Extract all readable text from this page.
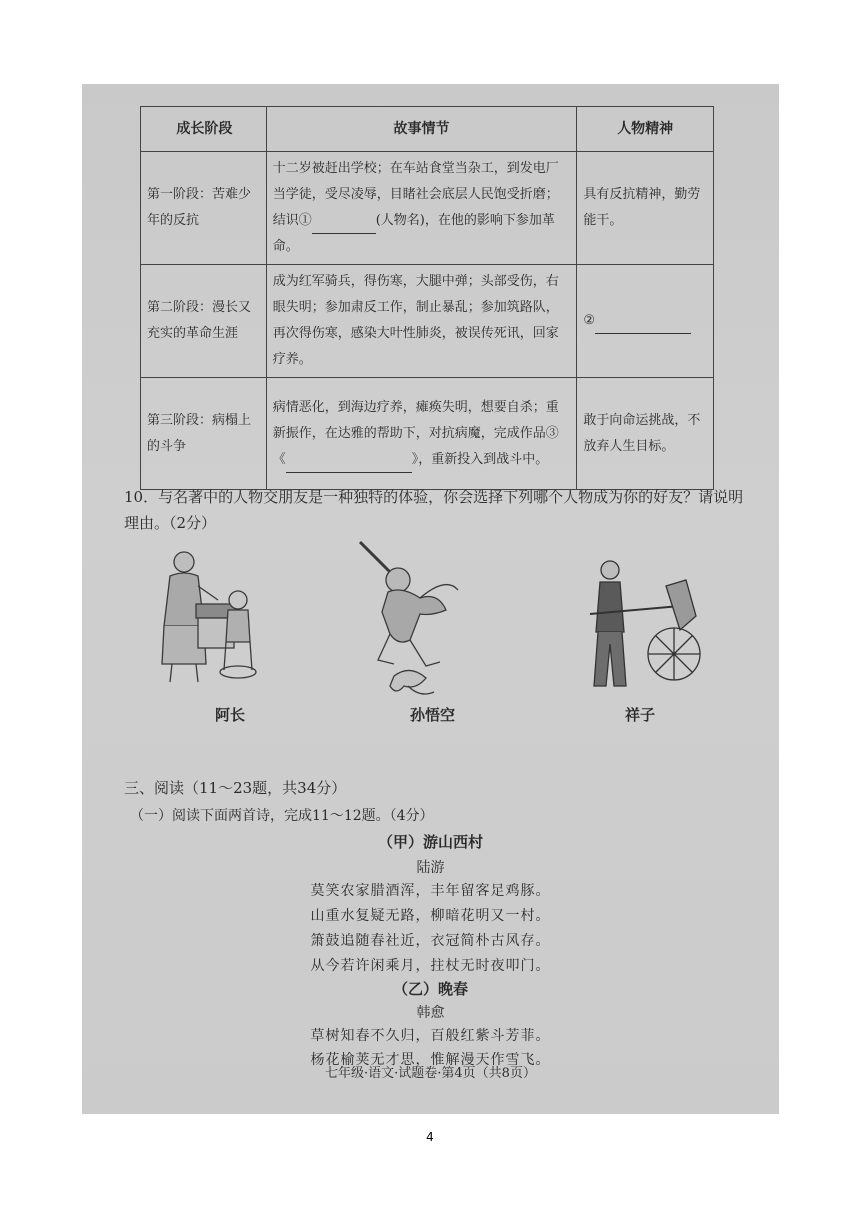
成长阶段	故事情节	人物精神
第一阶段：苦难少年的反抗	十二岁被赶出学校；在车站食堂当杂工，到发电厂当学徒，受尽凌辱，目睹社会底层人民饱受折磨；结识① (人物名)，在他的影响下参加革命。	具有反抗精神，勤劳能干。
第二阶段：漫长又充实的革命生涯	成为红军骑兵，得伤寒，大腿中弹；头部受伤，右眼失明；参加肃反工作，制止暴乱；参加筑路队，再次得伤寒，感染大叶性肺炎，被误传死讯，回家疗养。	②
第三阶段：病榻上的斗争	病情恶化，到海边疗养，瘫痪失明，想要自杀；重新振作，在达雅的帮助下，对抗病魔，完成作品③《 》，重新投入到战斗中。	敢于向命运挑战，不放弃人生目标。
10．与名著中的人物交朋友是一种独特的体验，你会选择下列哪个人物成为你的好友？请说明理由。（2分）
阿长	孙悟空	祥子
三、阅读（11～23题，共34分）
（一）阅读下面两首诗，完成11～12题。（4分）
（甲）游山西村
陆游
莫笑农家腊酒浑，丰年留客足鸡豚。
山重水复疑无路，柳暗花明又一村。
箫鼓追随春社近，衣冠简朴古风存。
从今若许闲乘月，拄杖无时夜叩门。
（乙）晚春
韩愈
草树知春不久归，百般红紫斗芳菲。
杨花榆荚无才思，惟解漫天作雪飞。
七年级·语文·试题卷·第4页（共8页）
4
